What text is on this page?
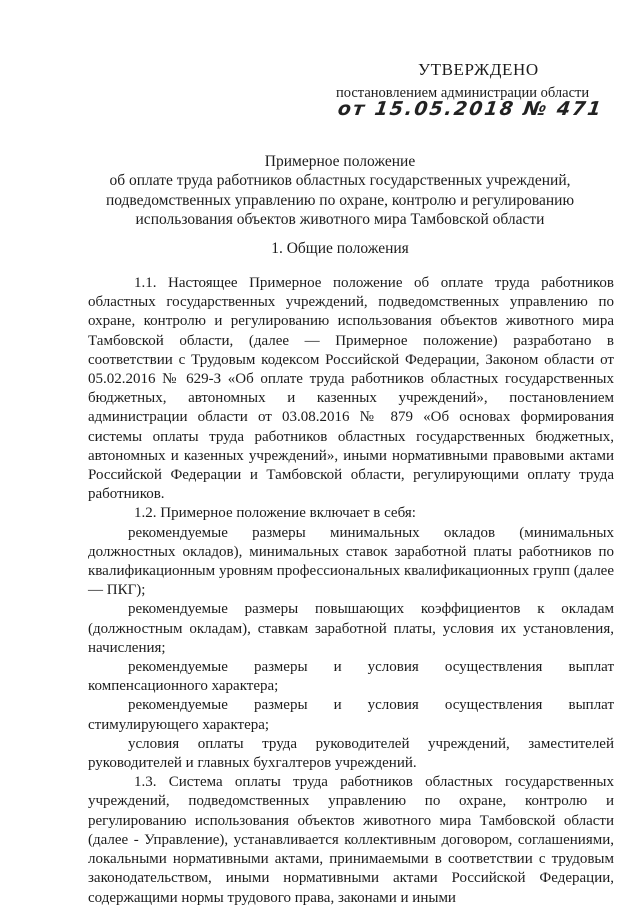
УТВЕРЖДЕНО
постановлением администрации области
от 15.05.2018 № 471
Примерное положение
об оплате труда работников областных государственных учреждений,
подведомственных управлению по охране, контролю и регулированию
использования объектов животного мира Тамбовской области
1. Общие положения

1.1. Настоящее Примерное положение об оплате труда работников областных государственных учреждений, подведомственных управлению по охране, контролю и регулированию использования объектов животного мира Тамбовской области, (далее — Примерное положение) разработано в соответствии с Трудовым кодексом Российской Федерации, Законом области от 05.02.2016 № 629-З «Об оплате труда работников областных государственных бюджетных, автономных и казенных учреждений», постановлением администрации области от 03.08.2016 № 879 «Об основах формирования системы оплаты труда работников областных государственных бюджетных, автономных и казенных учреждений», иными нормативными правовыми актами Российской Федерации и Тамбовской области, регулирующими оплату труда работников.

1.2. Примерное положение включает в себя:

рекомендуемые размеры минимальных окладов (минимальных должностных окладов), минимальных ставок заработной платы работников по квалификационным уровням профессиональных квалификационных групп (далее — ПКГ);

рекомендуемые размеры повышающих коэффициентов к окладам (должностным окладам), ставкам заработной платы, условия их установления, начисления;

рекомендуемые размеры и условия осуществления выплат компенсационного характера;

рекомендуемые размеры и условия осуществления выплат стимулирующего характера;

условия оплаты труда руководителей учреждений, заместителей руководителей и главных бухгалтеров учреждений.

1.3. Система оплаты труда работников областных государственных учреждений, подведомственных управлению по охране, контролю и регулированию использования объектов животного мира Тамбовской области (далее - Управление), устанавливается коллективным договором, соглашениями, локальными нормативными актами, принимаемыми в соответствии с трудовым законодательством, иными нормативными актами Российской Федерации, содержащими нормы трудового права, законами и иными
